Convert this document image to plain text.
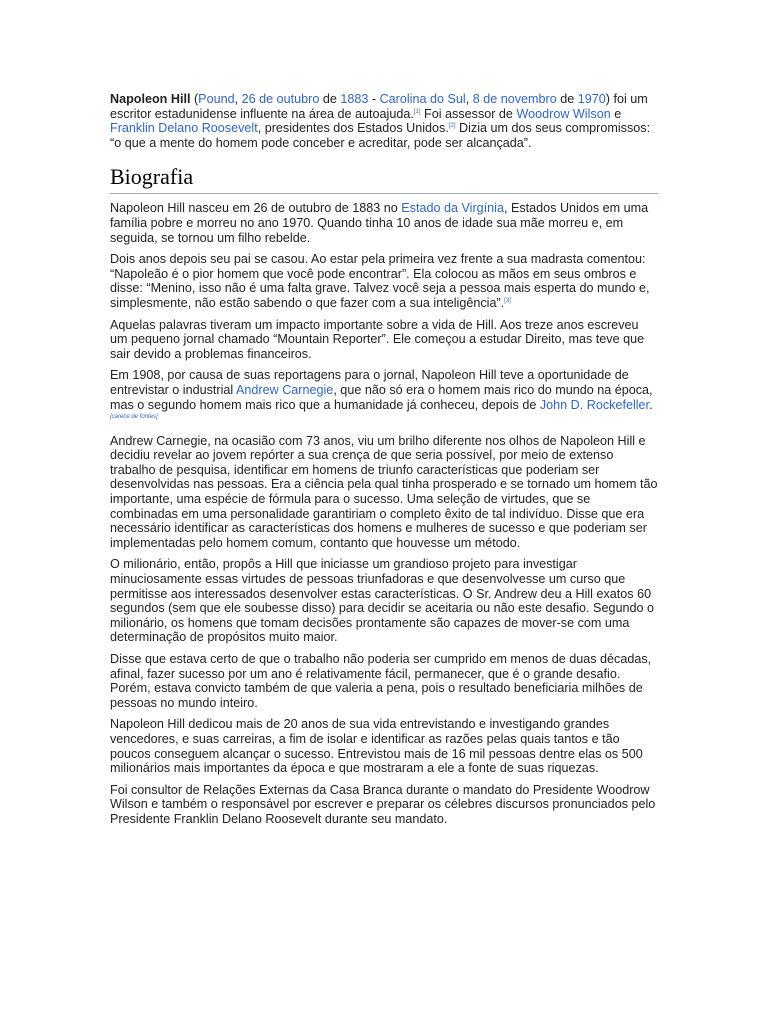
Napoleon Hill (Pound, 26 de outubro de 1883 - Carolina do Sul, 8 de novembro de 1970) foi um escritor estadunidense influente na área de autoajuda.[1] Foi assessor de Woodrow Wilson e Franklin Delano Roosevelt, presidentes dos Estados Unidos.[2] Dizia um dos seus compromissos: “o que a mente do homem pode conceber e acreditar, pode ser alcançada”.

Biografia

Napoleon Hill nasceu em 26 de outubro de 1883 no Estado da Virgínia, Estados Unidos em uma família pobre e morreu no ano 1970. Quando tinha 10 anos de idade sua mãe morreu e, em seguida, se tornou um filho rebelde.

Dois anos depois seu pai se casou. Ao estar pela primeira vez frente a sua madrasta comentou: “Napoleão é o pior homem que você pode encontrar”. Ela colocou as mãos em seus ombros e disse: “Menino, isso não é uma falta grave. Talvez você seja a pessoa mais esperta do mundo e, simplesmente, não estão sabendo o que fazer com a sua inteligência”.[3]

Aquelas palavras tiveram um impacto importante sobre a vida de Hill. Aos treze anos escreveu um pequeno jornal chamado “Mountain Reporter”. Ele começou a estudar Direito, mas teve que sair devido a problemas financeiros.

Em 1908, por causa de suas reportagens para o jornal, Napoleon Hill teve a oportunidade de entrevistar o industrial Andrew Carnegie, que não só era o homem mais rico do mundo na época, mas o segundo homem mais rico que a humanidade já conheceu, depois de John D. Rockefeller.[carece de fontes]

Andrew Carnegie, na ocasião com 73 anos, viu um brilho diferente nos olhos de Napoleon Hill e decidiu revelar ao jovem repórter a sua crença de que seria possível, por meio de extenso trabalho de pesquisa, identificar em homens de triunfo características que poderiam ser desenvolvidas nas pessoas. Era a ciência pela qual tinha prosperado e se tornado um homem tão importante, uma espécie de fórmula para o sucesso. Uma seleção de virtudes, que se combinadas em uma personalidade garantiriam o completo êxito de tal indivíduo. Disse que era necessário identificar as características dos homens e mulheres de sucesso e que poderiam ser implementadas pelo homem comum, contanto que houvesse um método.

O milionário, então, propôs a Hill que iniciasse um grandioso projeto para investigar minuciosamente essas virtudes de pessoas triunfadoras e que desenvolvesse um curso que permitisse aos interessados desenvolver estas características. O Sr. Andrew deu a Hill exatos 60 segundos (sem que ele soubesse disso) para decidir se aceitaria ou não este desafio. Segundo o milionário, os homens que tomam decisões prontamente são capazes de mover-se com uma determinação de propósitos muito maior.

Disse que estava certo de que o trabalho não poderia ser cumprido em menos de duas décadas, afinal, fazer sucesso por um ano é relativamente fácil, permanecer, que é o grande desafio. Porém, estava convicto também de que valeria a pena, pois o resultado beneficiaria milhões de pessoas no mundo inteiro.

Napoleon Hill dedicou mais de 20 anos de sua vida entrevistando e investigando grandes vencedores, e suas carreiras, a fim de isolar e identificar as razões pelas quais tantos e tão poucos conseguem alcançar o sucesso. Entrevistou mais de 16 mil pessoas dentre elas os 500 milionários mais importantes da época e que mostraram a ele a fonte de suas riquezas.

Foi consultor de Relações Externas da Casa Branca durante o mandato do Presidente Woodrow Wilson e também o responsável por escrever e preparar os célebres discursos pronunciados pelo Presidente Franklin Delano Roosevelt durante seu mandato.
